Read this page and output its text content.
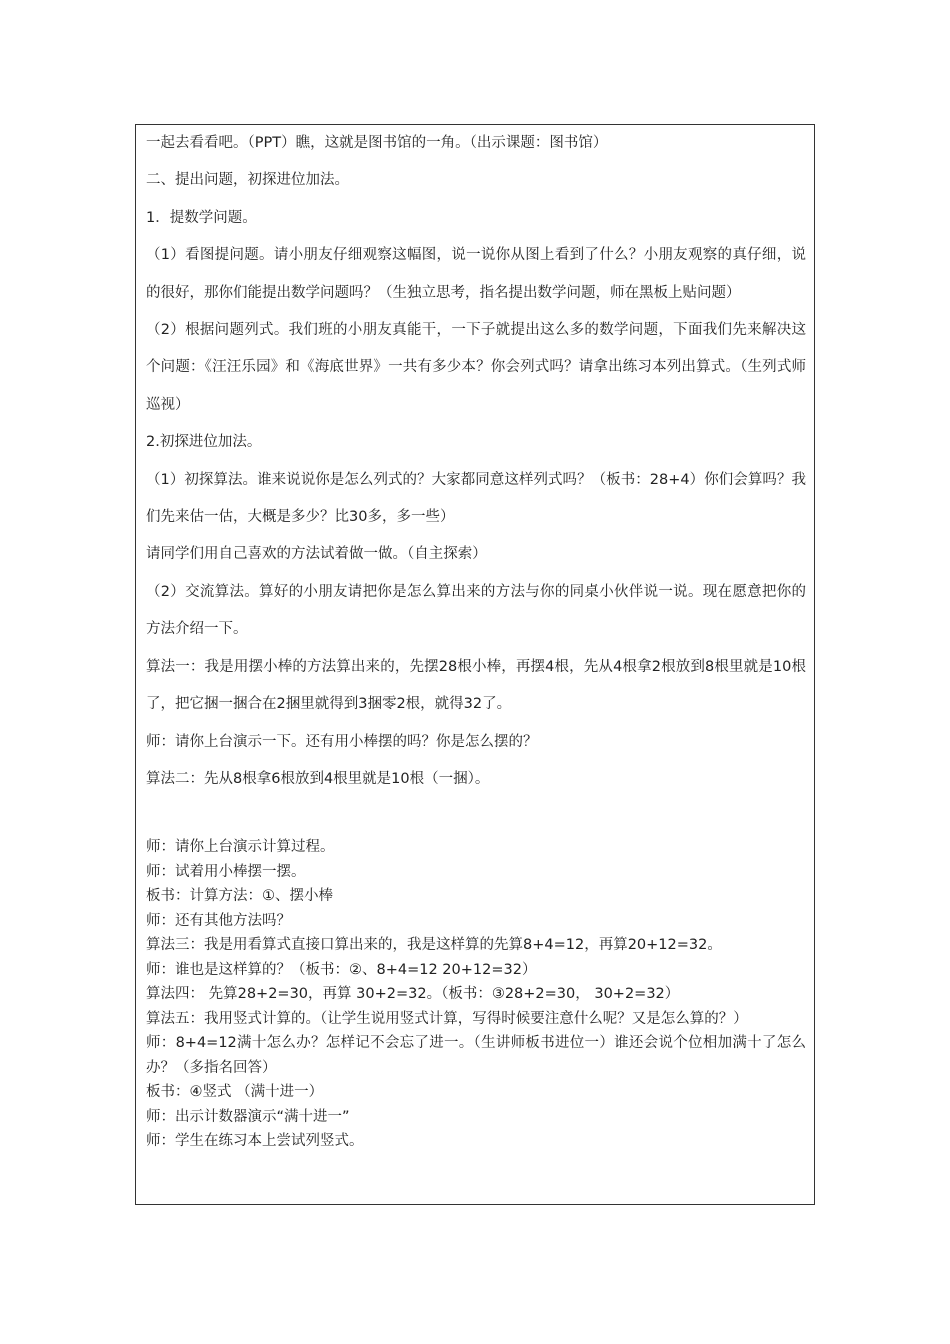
一起去看看吧。（PPT）瞧，这就是图书馆的一角。（出示课题：图书馆）

二、提出问题，初探进位加法。

1．提数学问题。

（1）看图提问题。请小朋友仔细观察这幅图，说一说你从图上看到了什么？小朋友观察的真仔细，说的很好，那你们能提出数学问题吗？（生独立思考，指名提出数学问题，师在黑板上贴问题）

（2）根据问题列式。我们班的小朋友真能干，一下子就提出这么多的数学问题，下面我们先来解决这个问题：《汪汪乐园》和《海底世界》一共有多少本？你会列式吗？请拿出练习本列出算式。（生列式师巡视）

2.初探进位加法。

（1）初探算法。谁来说说你是怎么列式的？大家都同意这样列式吗？（板书：28+4）你们会算吗？我们先来估一估，大概是多少？比30多，多一些）

请同学们用自己喜欢的方法试着做一做。（自主探索）

（2）交流算法。算好的小朋友请把你是怎么算出来的方法与你的同桌小伙伴说一说。现在愿意把你的方法介绍一下。

算法一：我是用摆小棒的方法算出来的，先摆28根小棒，再摆4根，先从4根拿2根放到8根里就是10根了，把它捆一捆合在2捆里就得到3捆零2根，就得32了。

师：请你上台演示一下。还有用小棒摆的吗？你是怎么摆的？

算法二：先从8根拿6根放到4根里就是10根（一捆）。

师：请你上台演示计算过程。

师：试着用小棒摆一摆。

板书：计算方法：①、摆小棒

师：还有其他方法吗？

算法三：我是用看算式直接口算出来的，我是这样算的先算8+4=12，再算20+12=32。

师：谁也是这样算的？（板书：②、8+4=12 20+12=32）

算法四： 先算28+2=30，再算 30+2=32。（板书：③28+2=30， 30+2=32）

算法五：我用竖式计算的。（让学生说用竖式计算，写得时候要注意什么呢？又是怎么算的？）

师：8+4=12满十怎么办？怎样记不会忘了进一。（生讲师板书进位一）谁还会说个位相加满十了怎么办？（多指名回答）

板书：④竖式 （满十进一）

师：出示计数器演示“满十进一”

师：学生在练习本上尝试列竖式。
